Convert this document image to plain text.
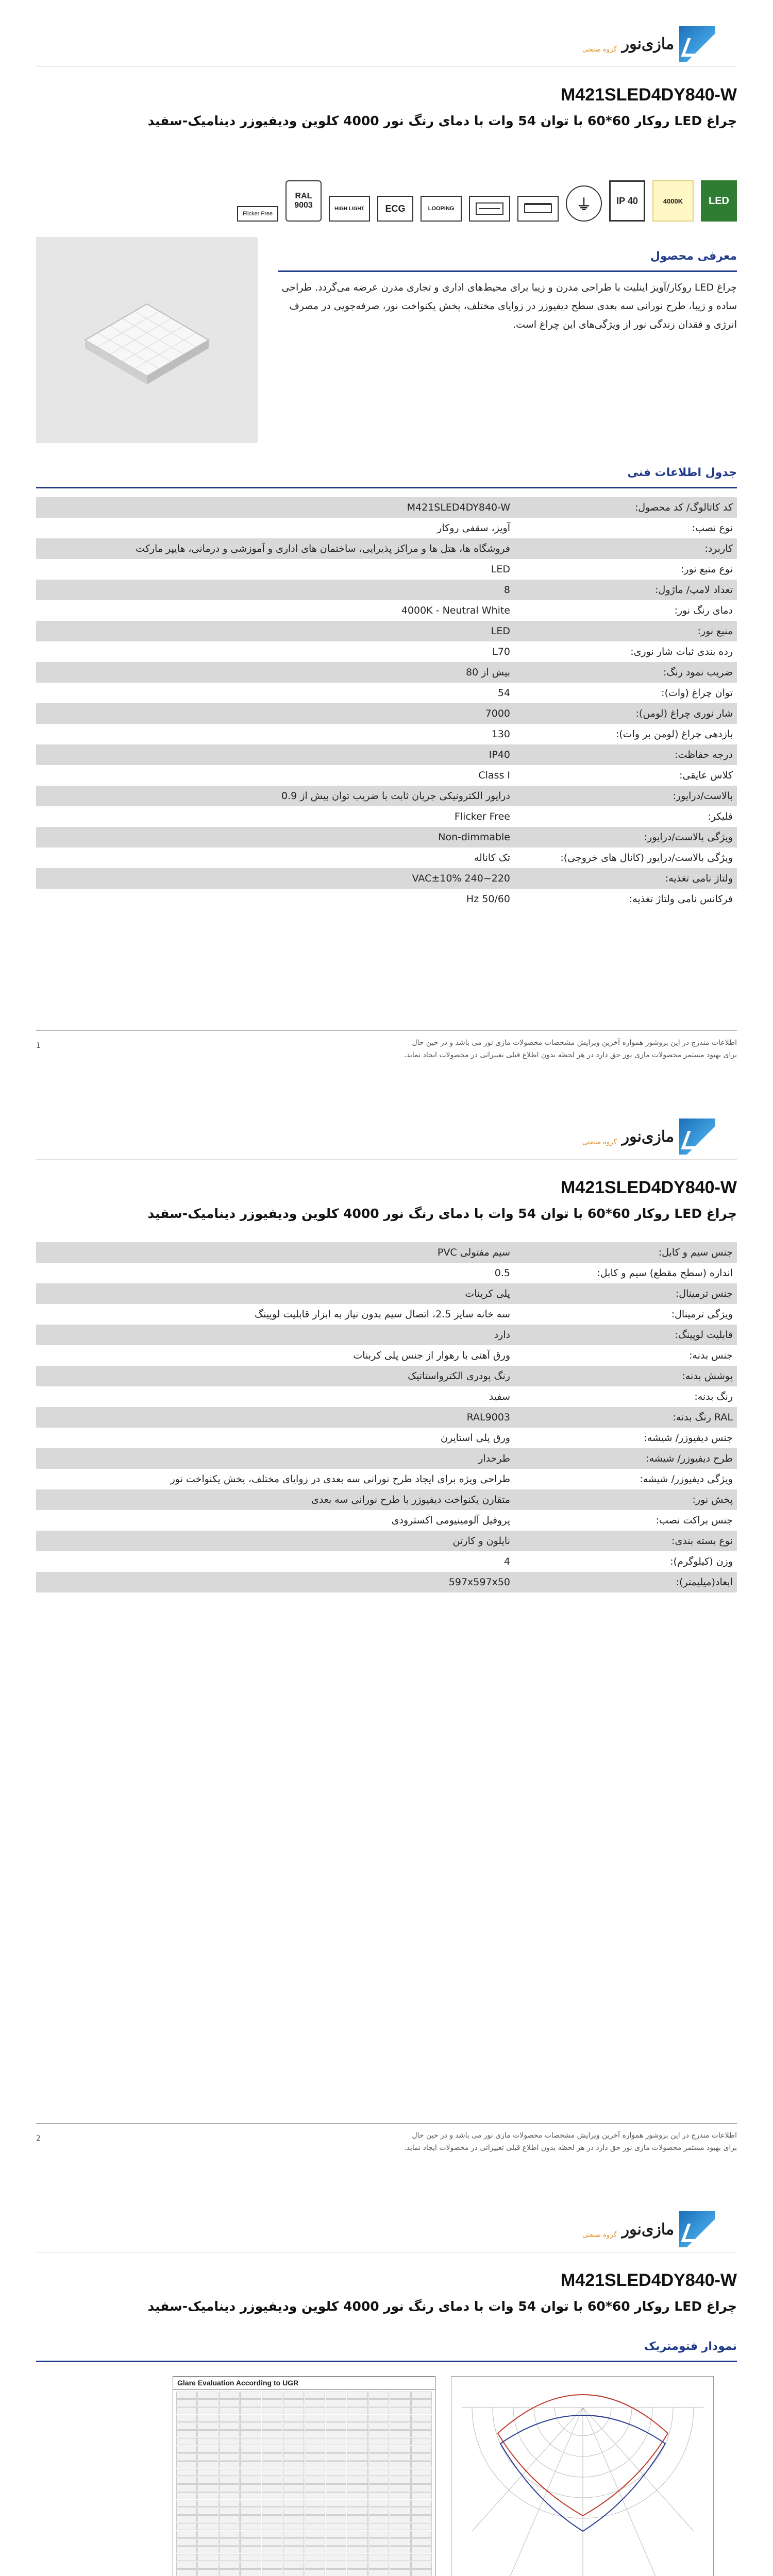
مازی‌نور
گروه صنعتی
M421SLED4DY840-W
چراغ LED روکار 60*60 با توان 54 وات با دمای رنگ نور 4000 کلوین ودیفیوزر دینامیک-سفید
LED
4000K
IP 40
⏚
LOOPING
ECG
HIGH LIGHT
RAL 9003
Flicker Free
معرفی محصول
چراغ LED روکار/آویز اینلیت با طراحی مدرن و زیبا برای محیط‌های اداری و تجاری مدرن عرضه می‌گردد. طراحی ساده و زیبا، طرح نورانی سه بعدی سطح دیفیوزر در زوایای مختلف، پخش یکنواخت نور، صرفه‌جویی در مصرف انرژی و فقدان زندگی نور از ویژگی‌های این چراغ است.
جدول اطلاعات فنی
کد کاتالوگ/ کد محصول:
M421SLED4DY840-W
نوع نصب:
آویز، سقفی روکار
کاربرد:
فروشگاه ها، هتل ها و مراکز پذیرایی، ساختمان های اداری و آموزشی و درمانی، هایپر مارکت
نوع منبع نور:
LED
تعداد لامپ/ ماژول:
8
دمای رنگ نور:
4000K - Neutral White
منبع نور:
LED
رده بندی ثبات شار نوری:
L70
ضریب نمود رنگ:
بیش از 80
توان چراغ (وات):
54
شار نوری چراغ (لومن):
7000
بازدهی چراغ (لومن بر وات):
130
درجه حفاظت:
IP40
کلاس عایقی:
Class I
بالاست/درایور:
درایور الکترونیکی جریان ثابت با ضریب توان بیش از 0.9
فلیکر:
Flicker Free
ویژگی بالاست/درایور:
Non-dimmable
ویژگی بالاست/درایور (کانال های خروجی):
تک کاناله
ولتاژ نامی تغذیه:
220~240 VAC±10%
فرکانس نامی ولتاژ تغذیه:
50/60 Hz
اطلاعات مندرج در این بروشور همواره آخرین ویرایش مشخصات محصولات مازی نور می باشد و در حین حال
برای بهبود مستمر محصولات مازی نور حق دارد در هر لحظه بدون اطلاع قبلی تغییراتی در محصولات ایجاد نماید.
1
مازی‌نور
گروه صنعتی
M421SLED4DY840-W
چراغ LED روکار 60*60 با توان 54 وات با دمای رنگ نور 4000 کلوین ودیفیوزر دینامیک-سفید
جنس سیم و کابل:
سیم مفتولی PVC
اندازه (سطح مقطع) سیم و کابل:
0.5
جنس ترمینال:
پلی کربنات
ویژگی ترمینال:
سه خانه سایز 2.5، اتصال سیم بدون نیاز به ابزار قابلیت لوپینگ
قابلیت لوپینگ:
دارد
جنس بدنه:
ورق آهنی با رهوار از جنس پلی کربنات
پوشش بدنه:
رنگ پودری الکترواستاتیک
رنگ بدنه:
سفید
RAL رنگ بدنه:
RAL9003
جنس دیفیوزر/ شیشه:
ورق پلی استایرن
طرح دیفیوزر/ شیشه:
طرحدار
ویژگی دیفیوزر/ شیشه:
طراحی ویژه برای ایجاد طرح نورانی سه بعدی در زوایای مختلف، پخش یکنواخت نور
پخش نور:
متقارن یکنواخت دیفیوزر با طرح نورانی سه بعدی
جنس براکت نصب:
پروفیل آلومینیومی اکسترودی
نوع بسته بندی:
نایلون و کارتن
وزن (کیلوگرم):
4
ابعاد(میلیمتر):
597x597x50
اطلاعات مندرج در این بروشور همواره آخرین ویرایش مشخصات محصولات مازی نور می باشد و در حین حال
برای بهبود مستمر محصولات مازی نور حق دارد در هر لحظه بدون اطلاع قبلی تغییراتی در محصولات ایجاد نماید.
2
مازی‌نور
گروه صنعتی
M421SLED4DY840-W
چراغ LED روکار 60*60 با توان 54 وات با دمای رنگ نور 4000 کلوین ودیفیوزر دینامیک-سفید
نمودار فتومتریک
Glare Evaluation According to UGR
